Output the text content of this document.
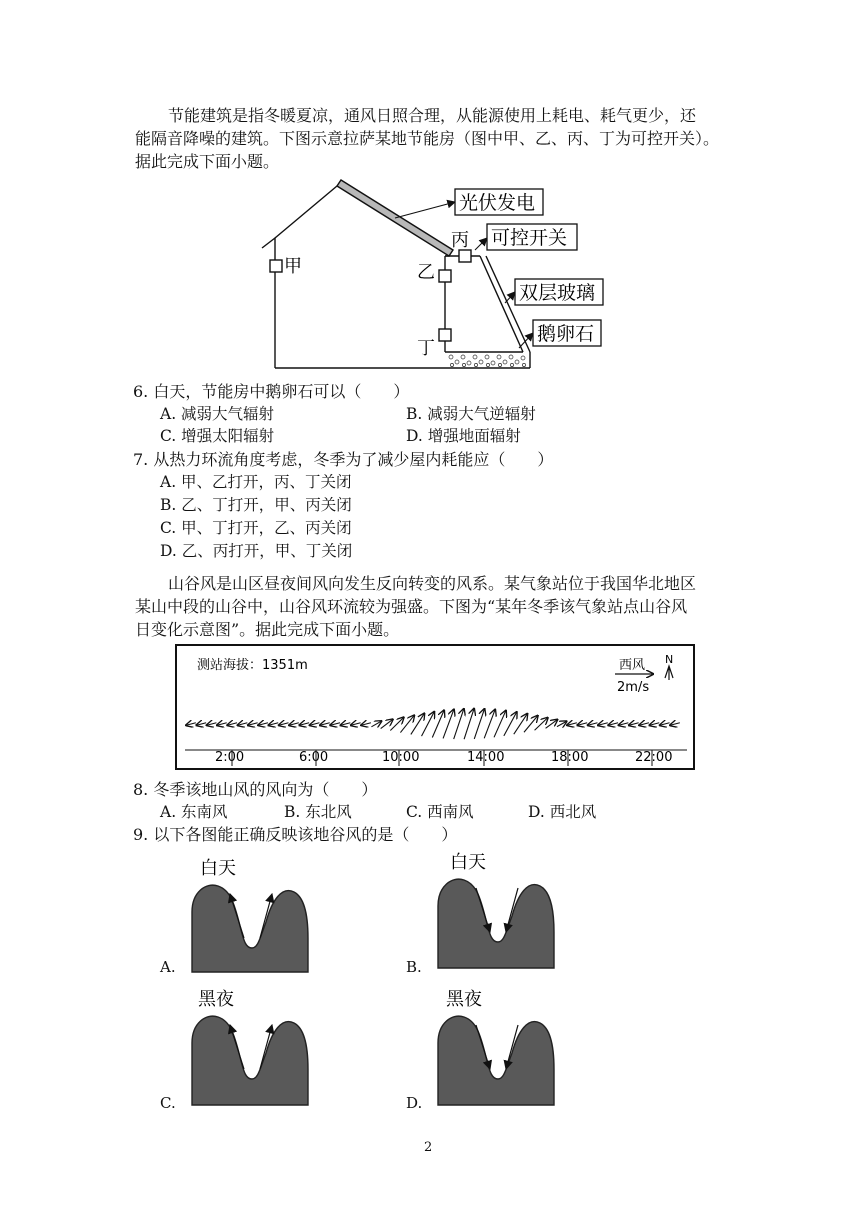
节能建筑是指冬暖夏凉，通风日照合理，从能源使用上耗电、耗气更少，还
能隔音降噪的建筑。下图示意拉萨某地节能房（图中甲、乙、丙、丁为可控开关）。
据此完成下面小题。
光伏发电
可控开关
双层玻璃
鹅卵石
甲	乙
丙
丁
6. 白天，节能房中鹅卵石可以（　　）
A. 减弱大气辐射	B. 减弱大气逆辐射
C. 增强太阳辐射	D. 增强地面辐射
7. 从热力环流角度考虑，冬季为了减少屋内耗能应（　　）
A. 甲、乙打开，丙、丁关闭
B. 乙、丁打开，甲、丙关闭
C. 甲、丁打开，乙、丙关闭
D. 乙、丙打开，甲、丁关闭
山谷风是山区昼夜间风向发生反向转变的风系。某气象站位于我国华北地区
某山中段的山谷中，山谷风环流较为强盛。下图为“某年冬季该气象站点山谷风
日变化示意图”。据此完成下面小题。
测站海拔：1351m	西风
2m/s
N
2:00	6:00	10:00	14:00	18:00	22:00
8. 冬季该地山风的风向为（　　）
A. 东南风	B. 东北风	C. 西南风	D. 西北风
9. 以下各图能正确反映该地谷风的是（　　）
白天
A.
白天
B.
黑夜
C.
黑夜
D.
2
